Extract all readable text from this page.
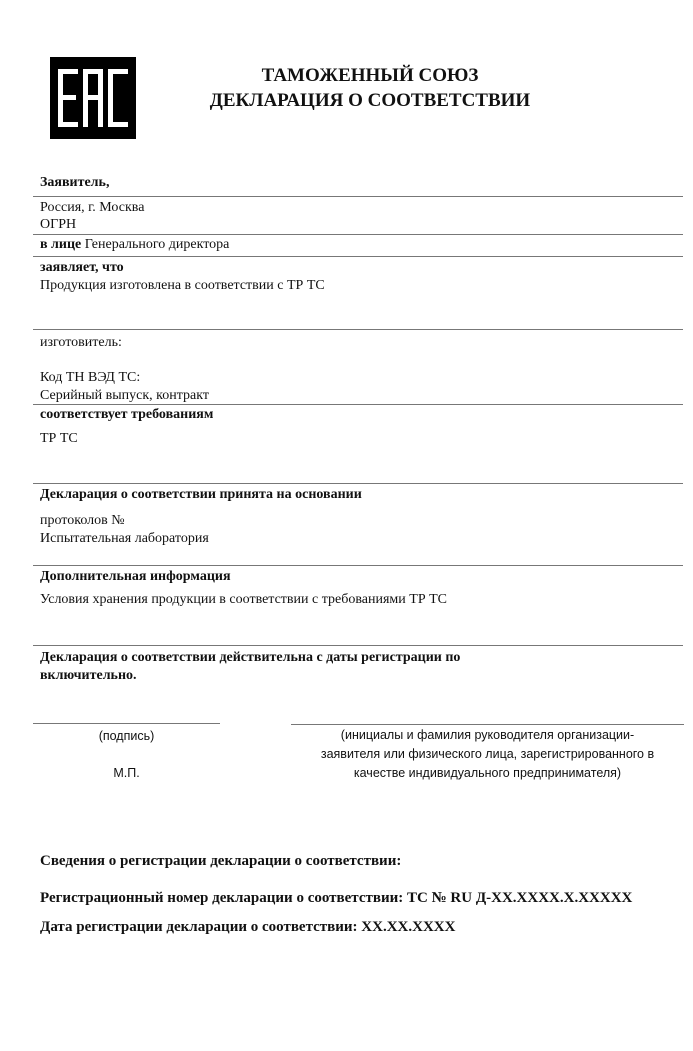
ТАМОЖЕННЫЙ СОЮЗ
ДЕКЛАРАЦИЯ О СООТВЕТСТВИИ
Заявитель,
Россия, г. Москва
ОГРН
в лице Генерального директора
заявляет, что
Продукция изготовлена в соответствии с ТР ТС
изготовитель:
Код ТН ВЭД ТС:
Серийный выпуск, контракт
соответствует требованиям
ТР ТС
Декларация о соответствии принята на основании
протоколов №
Испытательная лаборатория
Дополнительная информация
Условия хранения продукции в соответствии с требованиями ТР ТС
Декларация о соответствии действительна с даты регистрации по
включительно.
(подпись)
М.П.
(инициалы и фамилия руководителя организации-
заявителя или физического лица, зарегистрированного в
качестве индивидуального предпринимателя)
Сведения о регистрации декларации о соответствии:
Регистрационный номер декларации о соответствии: ТС № RU Д-ХХ.ХХХХ.Х.ХХХХХ
Дата регистрации декларации о соответствии: ХХ.ХХ.ХХХХ
